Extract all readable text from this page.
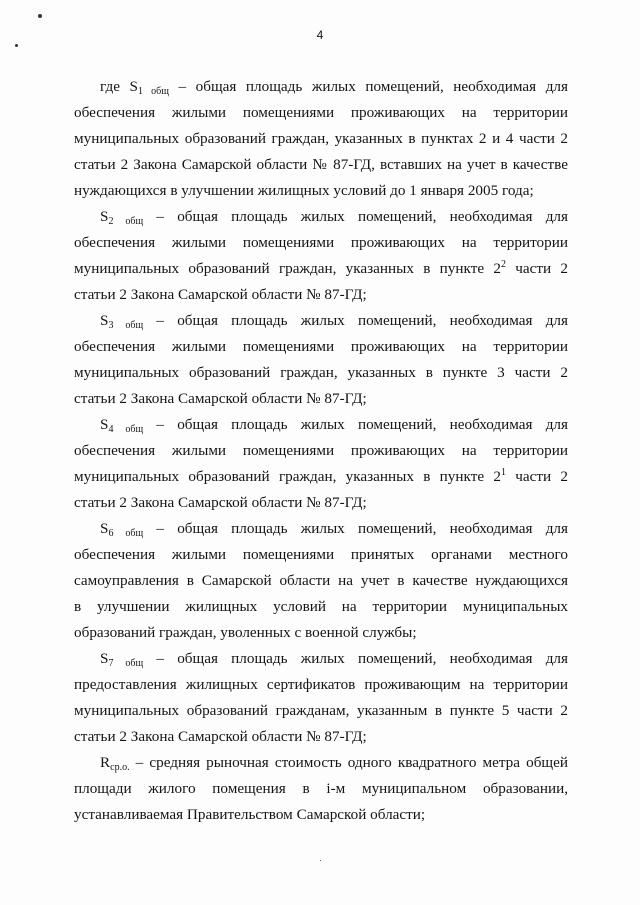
4
где S1 общ – общая площадь жилых помещений, необходимая для
обеспечения жилыми помещениями проживающих на территории
муниципальных образований граждан, указанных в пунктах 2 и 4 части 2
статьи 2 Закона Самарской области № 87-ГД, вставших на учет в качестве
нуждающихся в улучшении жилищных условий до 1 января 2005 года;
S2 общ – общая площадь жилых помещений, необходимая для
обеспечения жилыми помещениями проживающих на территории
муниципальных образований граждан, указанных в пункте $2^2$ части 2
статьи 2 Закона Самарской области № 87-ГД;
S3 общ – общая площадь жилых помещений, необходимая для
обеспечения жилыми помещениями проживающих на территории
муниципальных образований граждан, указанных в пункте 3 части 2
статьи 2 Закона Самарской области № 87-ГД;
S4 общ – общая площадь жилых помещений, необходимая для
обеспечения жилыми помещениями проживающих на территории
муниципальных образований граждан, указанных в пункте $2^1$ части 2
статьи 2 Закона Самарской области № 87-ГД;
S6 общ – общая площадь жилых помещений, необходимая для
обеспечения жилыми помещениями принятых органами местного
самоуправления в Самарской области на учет в качестве нуждающихся
в улучшении жилищных условий на территории муниципальных
образований граждан, уволенных с военной службы;
S7 общ – общая площадь жилых помещений, необходимая для
предоставления жилищных сертификатов проживающим на территории
муниципальных образований гражданам, указанным в пункте 5 части 2
статьи 2 Закона Самарской области № 87-ГД;
Rср.о. – средняя рыночная стоимость одного квадратного метра общей
площади жилого помещения в i-м муниципальном образовании,
устанавливаемая Правительством Самарской области;
